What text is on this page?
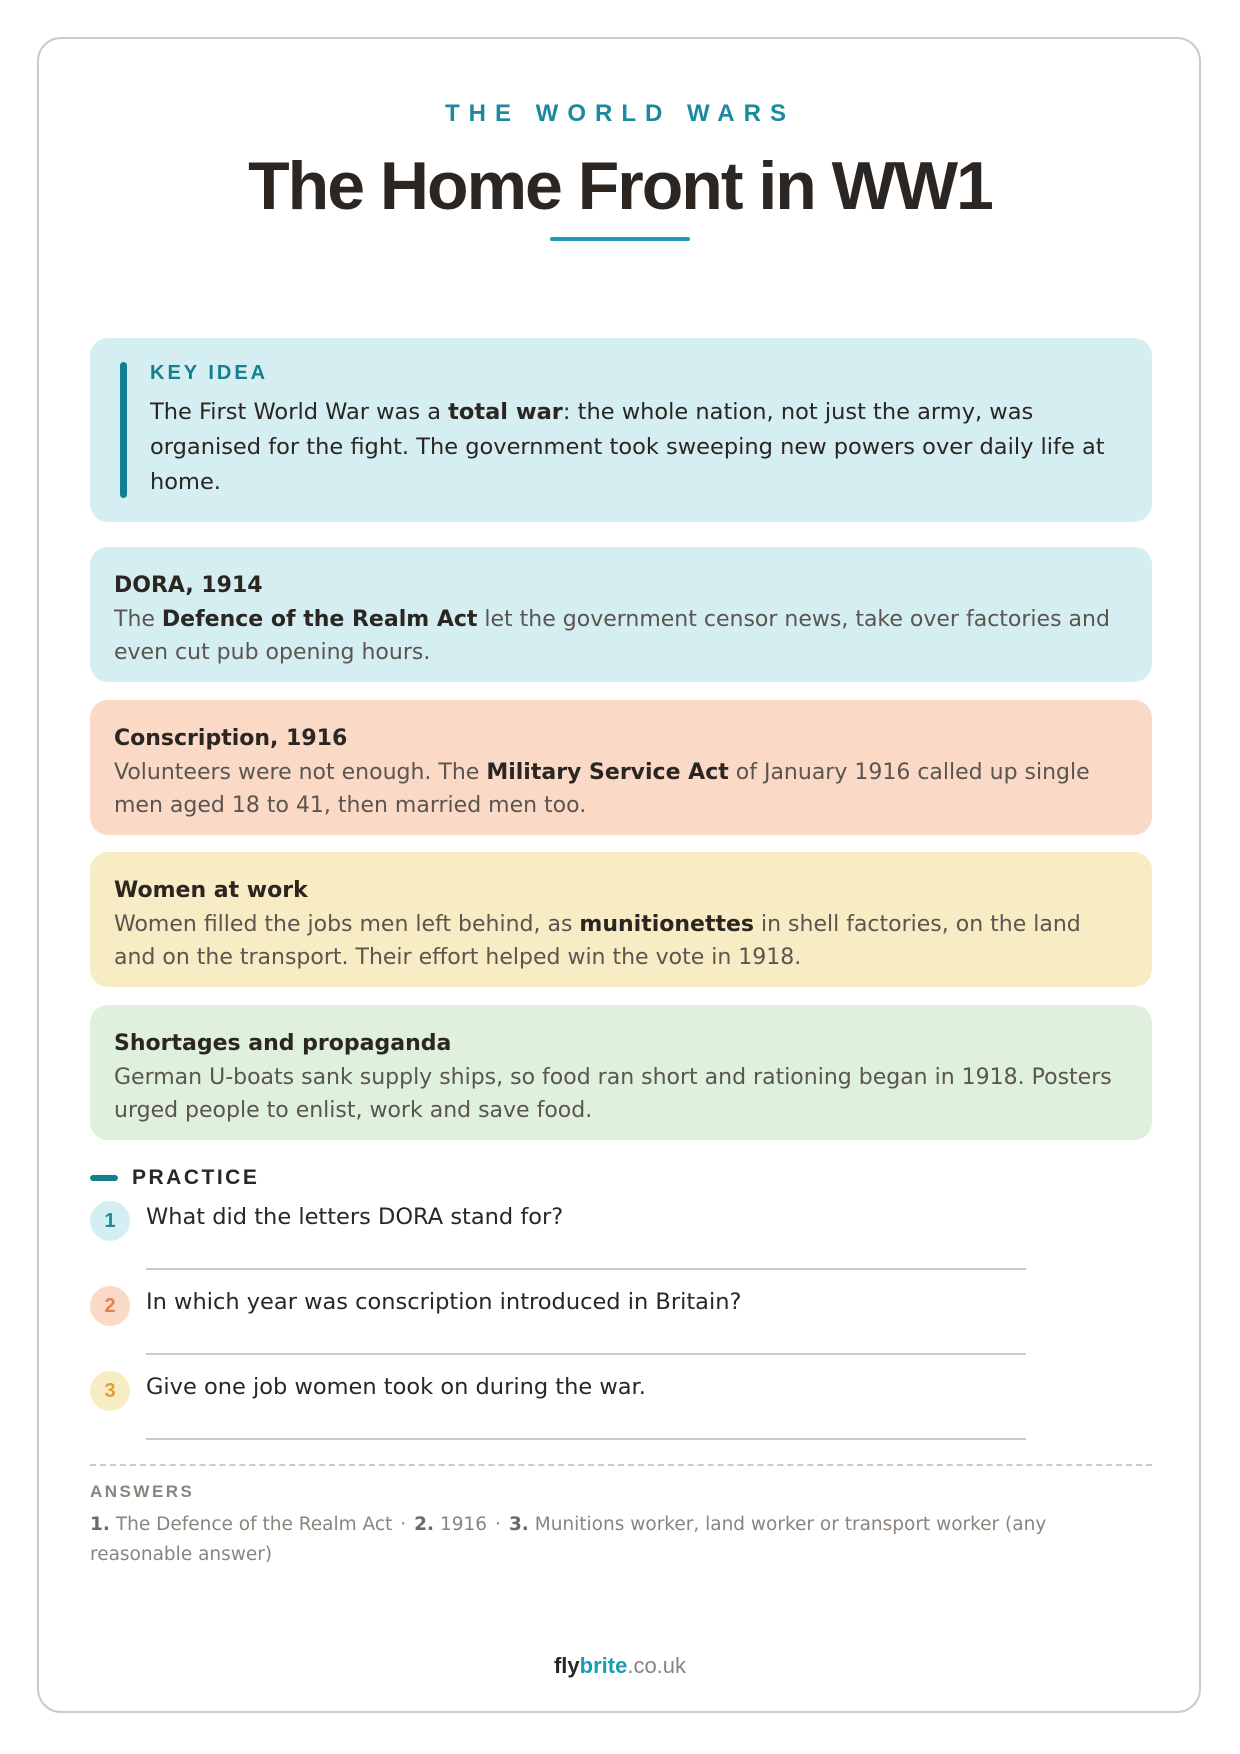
THE WORLD WARS
The Home Front in WW1
KEY IDEA
The First World War was a total war: the whole nation, not just the army, was organised for the fight. The government took sweeping new powers over daily life at home.
DORA, 1914
The Defence of the Realm Act let the government censor news, take over factories and even cut pub opening hours.
Conscription, 1916
Volunteers were not enough. The Military Service Act of January 1916 called up single men aged 18 to 41, then married men too.
Women at work
Women filled the jobs men left behind, as munitionettes in shell factories, on the land and on the transport. Their effort helped win the vote in 1918.
Shortages and propaganda
German U-boats sank supply ships, so food ran short and rationing began in 1918. Posters urged people to enlist, work and save food.
PRACTICE
1	What did the letters DORA stand for?
2	In which year was conscription introduced in Britain?
3	Give one job women took on during the war.
ANSWERS
1. The Defence of the Realm Act · 2. 1916 · 3. Munitions worker, land worker or transport worker (any reasonable answer)
flybrite.co.uk
